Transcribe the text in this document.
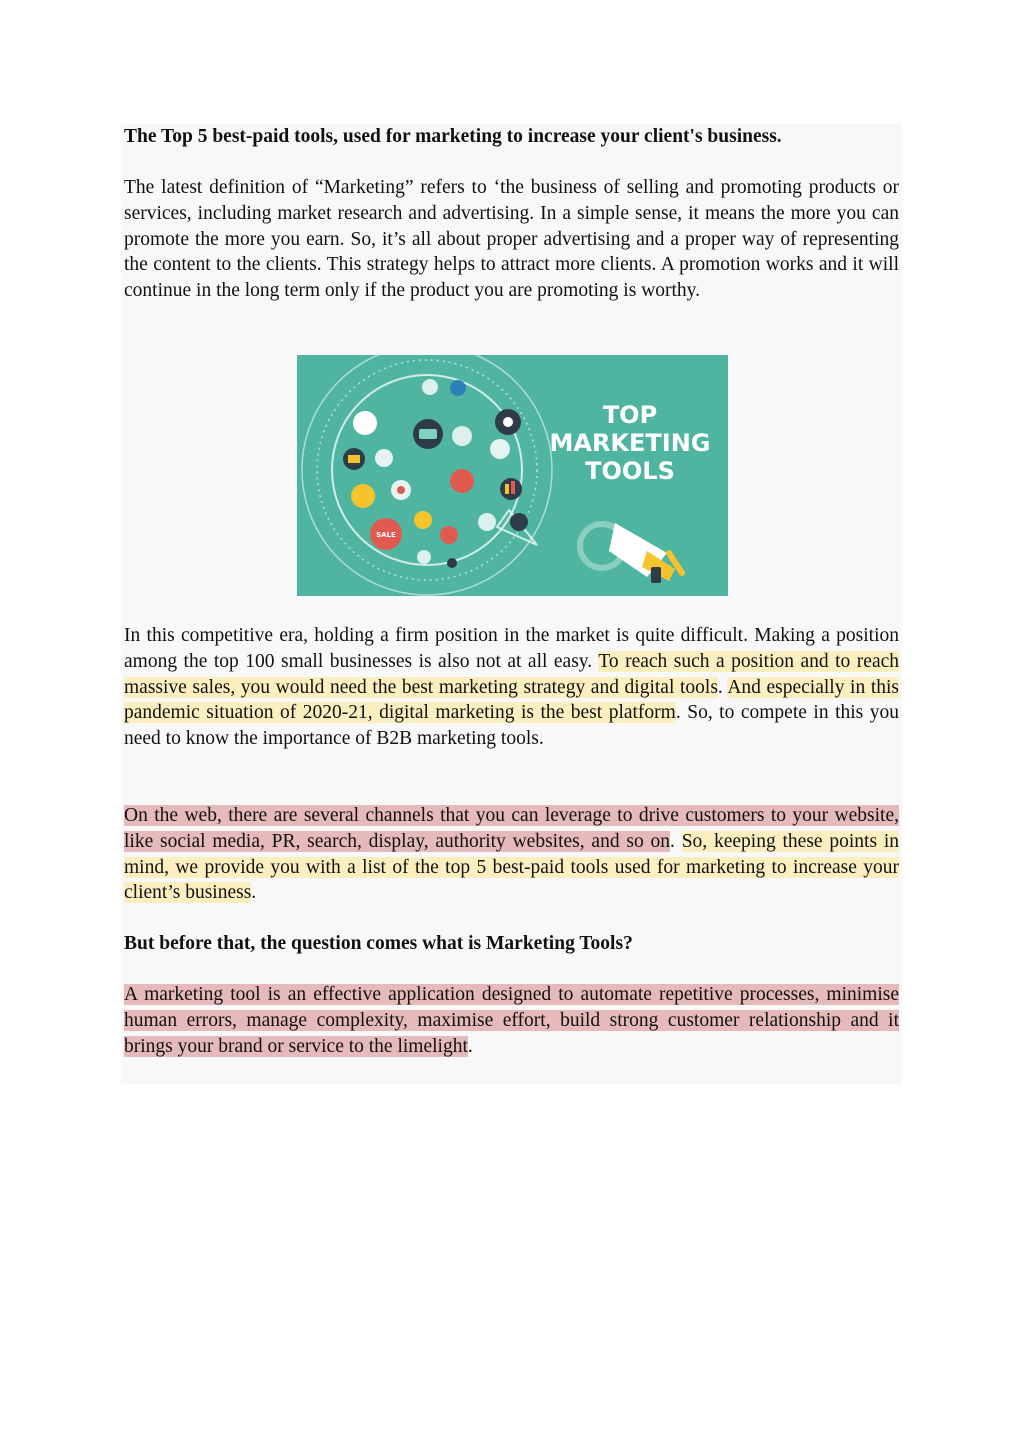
The Top 5 best-paid tools, used for marketing to increase your client's business.
The latest definition of “Marketing” refers to ‘the business of selling and promoting products or services, including market research and advertising. In a simple sense, it means the more you can promote the more you earn. So, it’s all about proper advertising and a proper way of representing the content to the clients. This strategy helps to attract more clients. A promotion works and it will continue in the long term only if the product you are promoting is worthy.
SALE
TOP
MARKETING
TOOLS
In this competitive era, holding a firm position in the market is quite difficult. Making a position among the top 100 small businesses is also not at all easy. To reach such a position and to reach massive sales, you would need the best marketing strategy and digital tools. And especially in this pandemic situation of 2020-21, digital marketing is the best platform. So, to compete in this you need to know the importance of B2B marketing tools.
On the web, there are several channels that you can leverage to drive customers to your website, like social media, PR, search, display, authority websites, and so on. So, keeping these points in mind, we provide you with a list of the top 5 best-paid tools used for marketing to increase your client’s business.
But before that, the question comes what is Marketing Tools?
A marketing tool is an effective application designed to automate repetitive processes, minimise human errors, manage complexity, maximise effort, build strong customer relationship and it brings your brand or service to the limelight.
